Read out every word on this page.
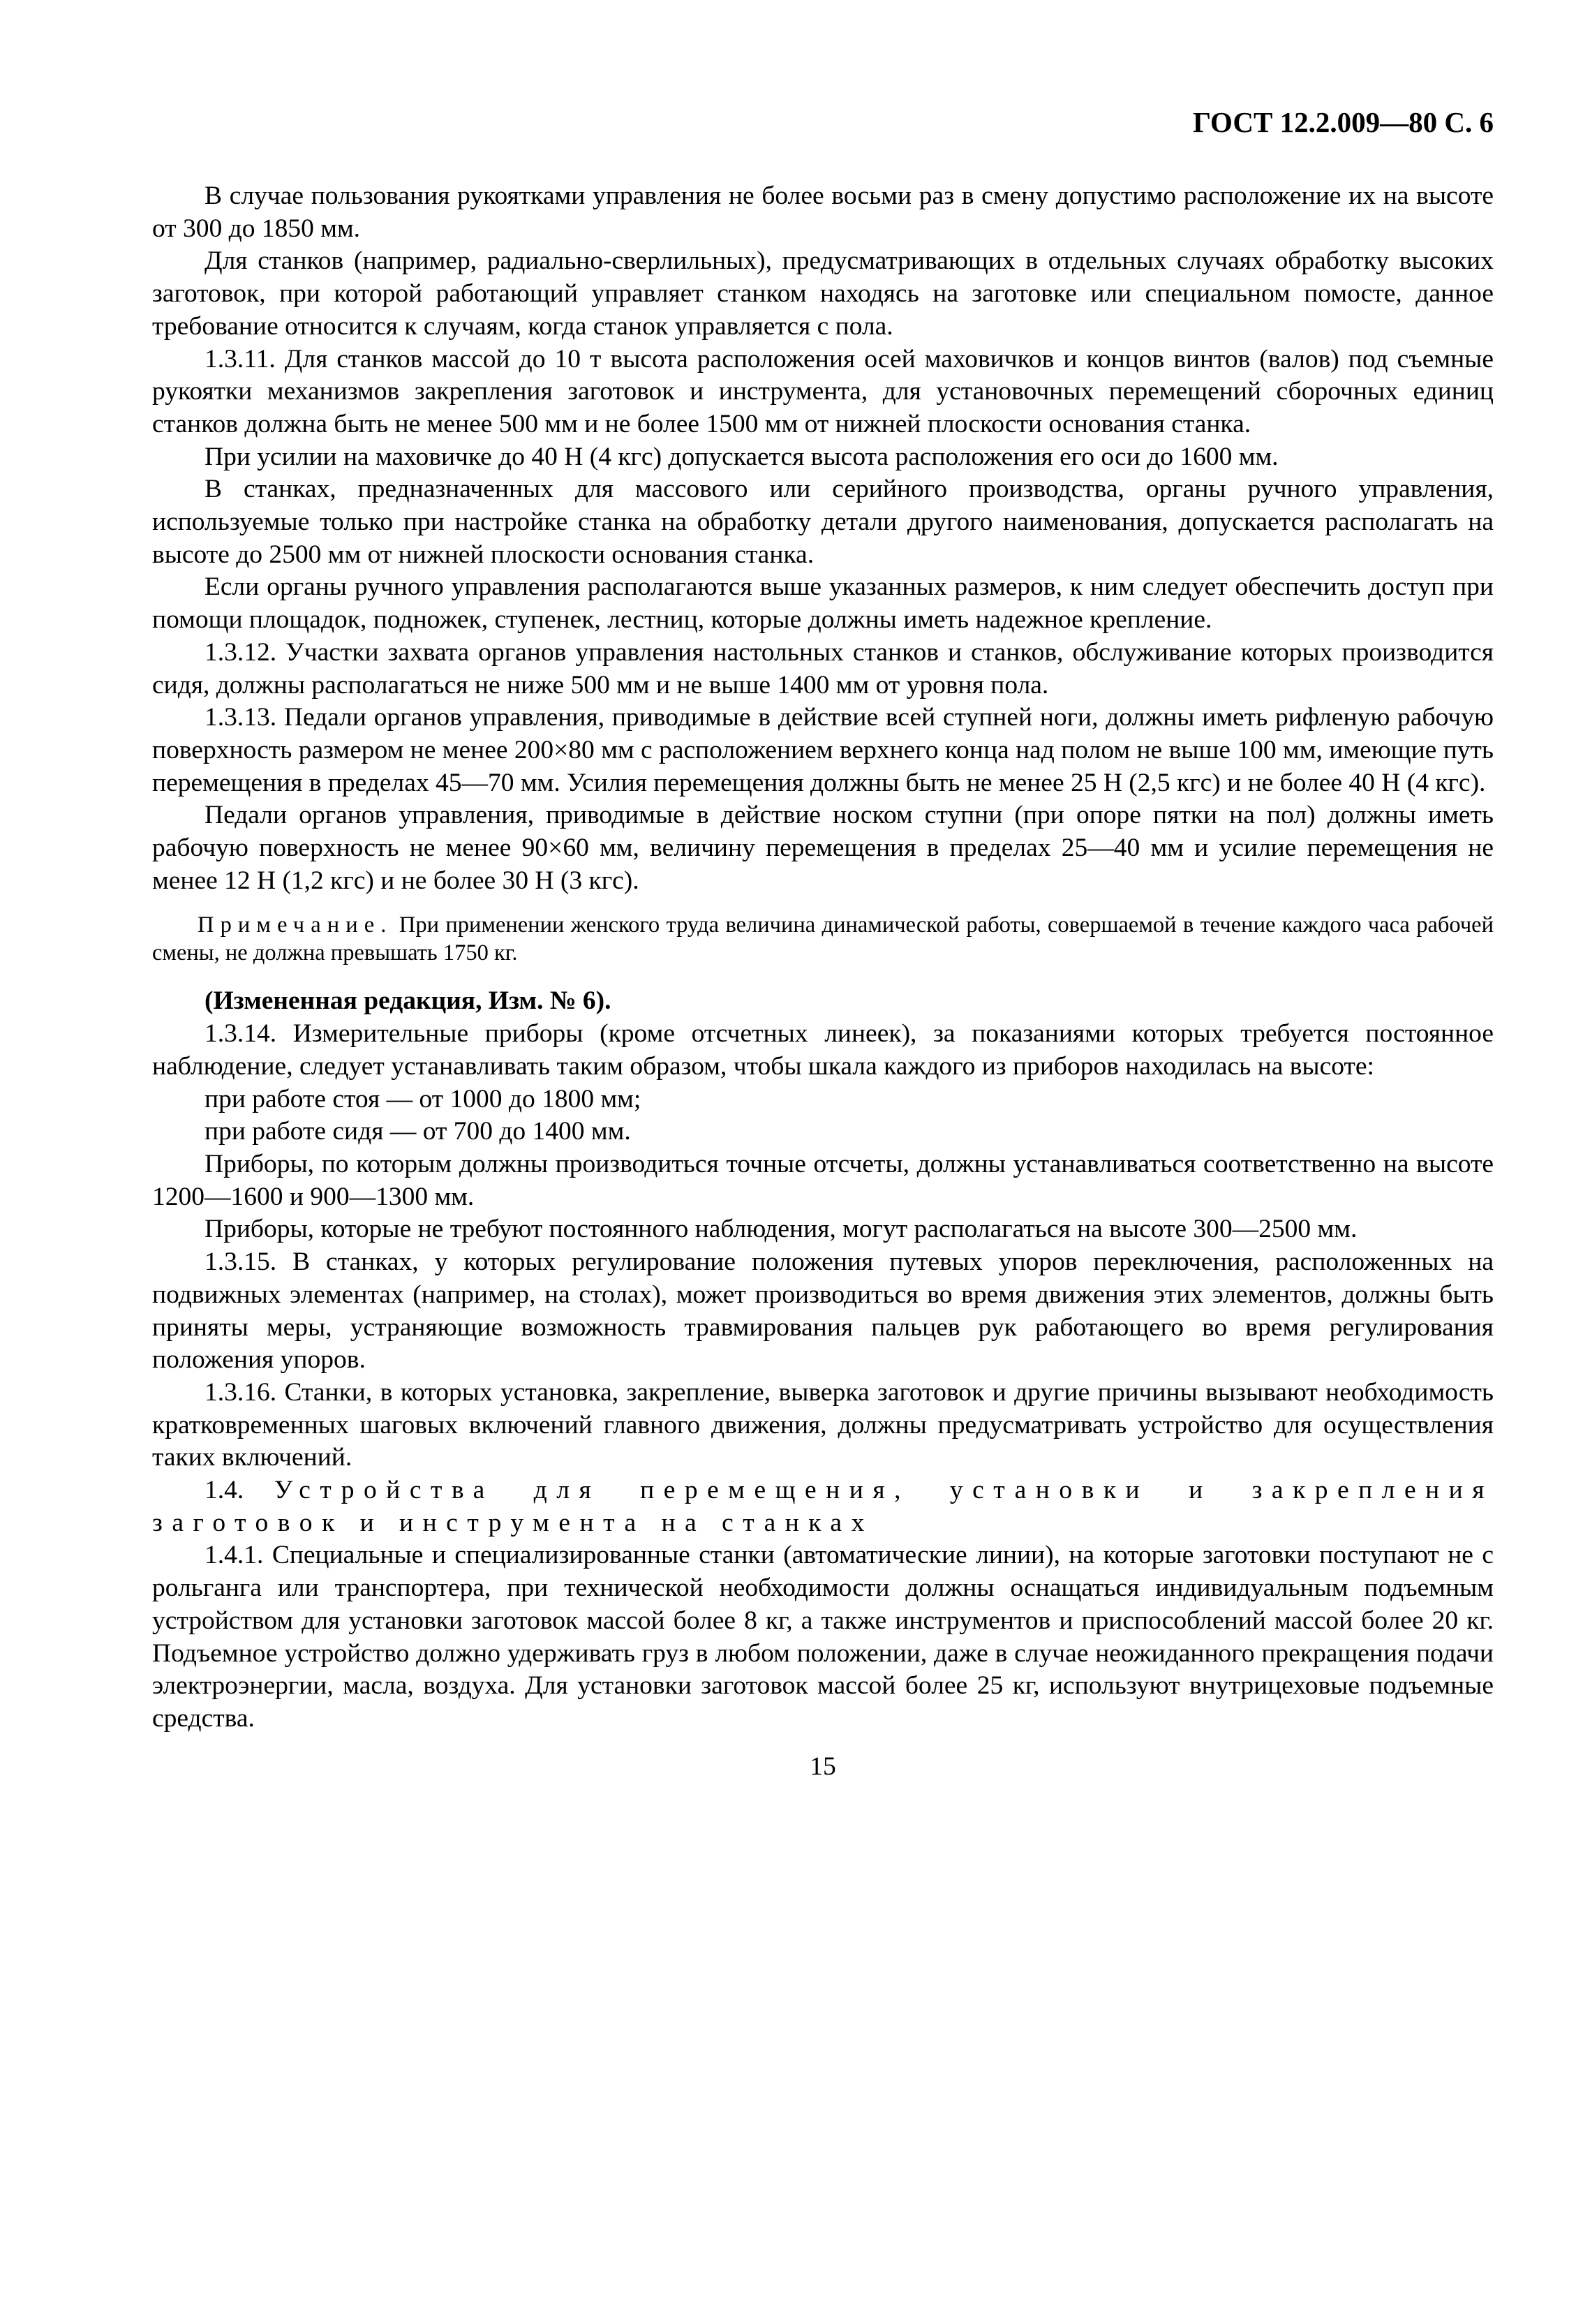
ГОСТ 12.2.009—80 С. 6

В случае пользования рукоятками управления не более восьми раз в смену допустимо расположение их на высоте от 300 до 1850 мм.

Для станков (например, радиально-сверлильных), предусматривающих в отдельных случаях обработку высоких заготовок, при которой работающий управляет станком находясь на заготовке или специальном помосте, данное требование относится к случаям, когда станок управляется с пола.

1.3.11. Для станков массой до 10 т высота расположения осей маховичков и концов винтов (валов) под съемные рукоятки механизмов закрепления заготовок и инструмента, для установочных перемещений сборочных единиц станков должна быть не менее 500 мм и не более 1500 мм от нижней плоскости основания станка.

При усилии на маховичке до 40 Н (4 кгс) допускается высота расположения его оси до 1600 мм.

В станках, предназначенных для массового или серийного производства, органы ручного управления, используемые только при настройке станка на обработку детали другого наименования, допускается располагать на высоте до 2500 мм от нижней плоскости основания станка.

Если органы ручного управления располагаются выше указанных размеров, к ним следует обеспечить доступ при помощи площадок, подножек, ступенек, лестниц, которые должны иметь надежное крепление.

1.3.12. Участки захвата органов управления настольных станков и станков, обслуживание которых производится сидя, должны располагаться не ниже 500 мм и не выше 1400 мм от уровня пола.

1.3.13. Педали органов управления, приводимые в действие всей ступней ноги, должны иметь рифленую рабочую поверхность размером не менее 200×80 мм с расположением верхнего конца над полом не выше 100 мм, имеющие путь перемещения в пределах 45—70 мм. Усилия перемещения должны быть не менее 25 Н (2,5 кгс) и не более 40 Н (4 кгс).

Педали органов управления, приводимые в действие носком ступни (при опоре пятки на пол) должны иметь рабочую поверхность не менее 90×60 мм, величину перемещения в пределах 25—40 мм и усилие перемещения не менее 12 Н (1,2 кгс) и не более 30 Н (3 кгс).

Примечание. При применении женского труда величина динамической работы, совершаемой в течение каждого часа рабочей смены, не должна превышать 1750 кг.

(Измененная редакция, Изм. № 6).

1.3.14. Измерительные приборы (кроме отсчетных линеек), за показаниями которых требуется постоянное наблюдение, следует устанавливать таким образом, чтобы шкала каждого из приборов находилась на высоте:

при работе стоя — от 1000 до 1800 мм;

при работе сидя — от 700 до 1400 мм.

Приборы, по которым должны производиться точные отсчеты, должны устанавливаться соответственно на высоте 1200—1600 и 900—1300 мм.

Приборы, которые не требуют постоянного наблюдения, могут располагаться на высоте 300—2500 мм.

1.3.15. В станках, у которых регулирование положения путевых упоров переключения, расположенных на подвижных элементах (например, на столах), может производиться во время движения этих элементов, должны быть приняты меры, устраняющие возможность травмирования пальцев рук работающего во время регулирования положения упоров.

1.3.16. Станки, в которых установка, закрепление, выверка заготовок и другие причины вызывают необходимость кратковременных шаговых включений главного движения, должны предусматривать устройство для осуществления таких включений.

1.4. Устройства для перемещения, установки и закрепления заготовок и инструмента на станках

1.4.1. Специальные и специализированные станки (автоматические линии), на которые заготовки поступают не с рольганга или транспортера, при технической необходимости должны оснащаться индивидуальным подъемным устройством для установки заготовок массой более 8 кг, а также инструментов и приспособлений массой более 20 кг. Подъемное устройство должно удерживать груз в любом положении, даже в случае неожиданного прекращения подачи электроэнергии, масла, воздуха. Для установки заготовок массой более 25 кг, используют внутрицеховые подъемные средства.

15
